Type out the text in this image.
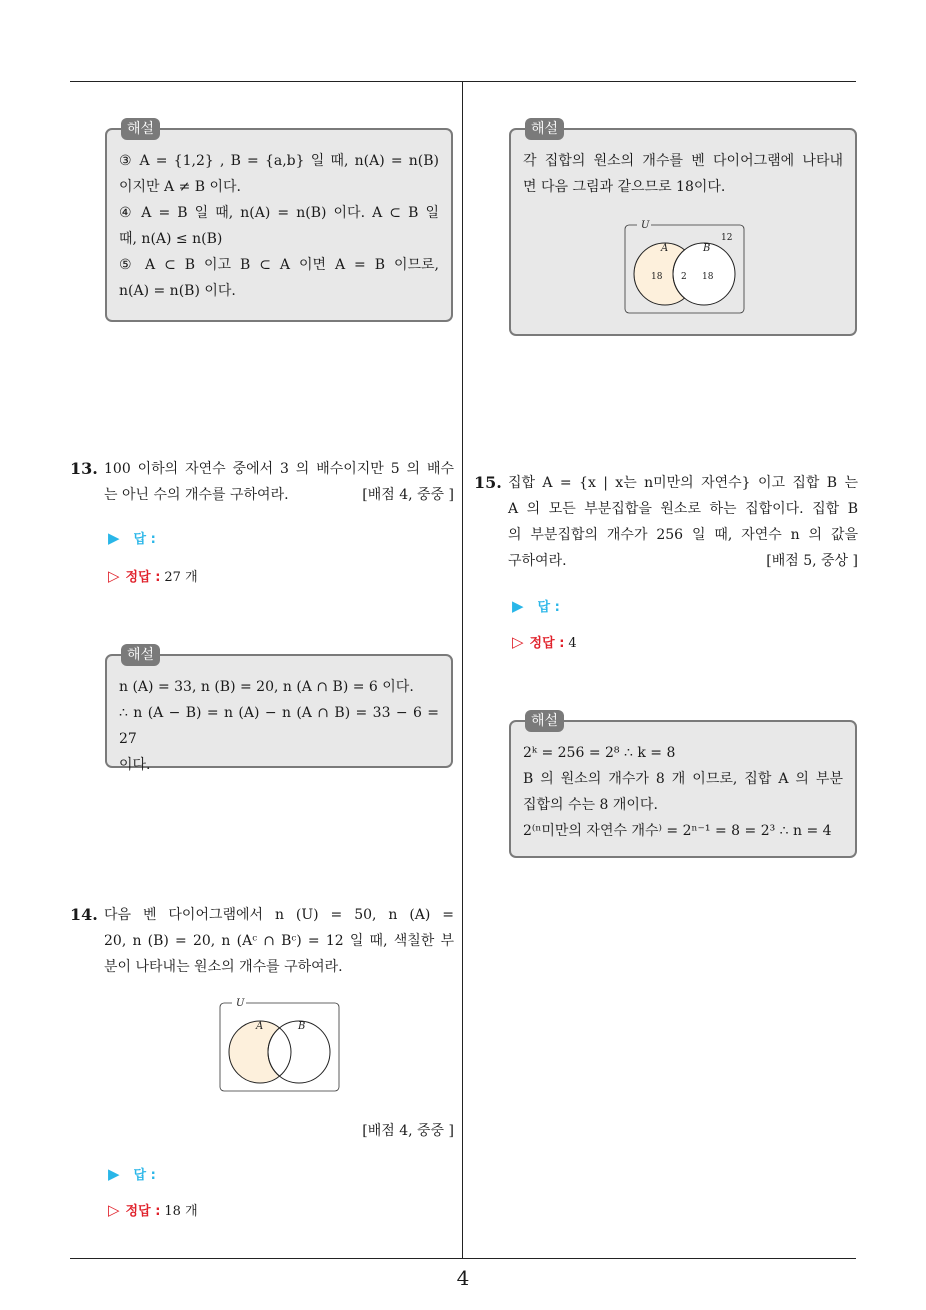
해설

③ A = {1,2} , B = {a,b} 일 때, n(A) = n(B)

이지만 A ≠ B 이다.

④ A = B 일 때, n(A) = n(B) 이다. A ⊂ B 일

때, n(A) ≤ n(B)

⑤ A ⊂ B 이고 B ⊂ A 이면 A = B 이므로,

n(A) = n(B) 이다.

13. 100 이하의 자연수 중에서 3 의 배수이지만 5 의 배수

는 아닌 수의 개수를 구하여라.	[배점 4, 중중 ]
▶ 답 :
▷ 정답 : 27 개
해설

n (A) = 33, n (B) = 20, n (A ∩ B) = 6 이다.

∴ n (A − B) = n (A) − n (A ∩ B) = 33 − 6 = 27

이다.

14. 다음 벤 다이어그램에서 n (U) = 50, n (A) =

20, n (B) = 20, n (Aᶜ ∩ Bᶜ) = 12 일 때, 색칠한 부

분이 나타내는 원소의 개수를 구하여라.

U
A	B
[배점 4, 중중 ]
▶ 답 :
▷ 정답 : 18 개
해설

각 집합의 원소의 개수를 벤 다이어그램에 나타내

면 다음 그림과 같으므로 18이다.

U
A	B
12
18 2 18
15. 집합 A = {x | x는 n미만의 자연수} 이고 집합 B 는

A 의 모든 부분집합을 원소로 하는 집합이다. 집합 B

의 부분집합의 개수가 256 일 때, 자연수 n 의 값을

구하여라.	[배점 5, 중상 ]
▶ 답 :
▷ 정답 : 4
해설

2ᵏ = 256 = 2⁸ ∴ k = 8

B 의 원소의 개수가 8 개 이므로, 집합 A 의 부분

집합의 수는 8 개이다.

2⁽ⁿ미만의 자연수 개수⁾ = 2ⁿ⁻¹ = 8 = 2³ ∴ n = 4

4
